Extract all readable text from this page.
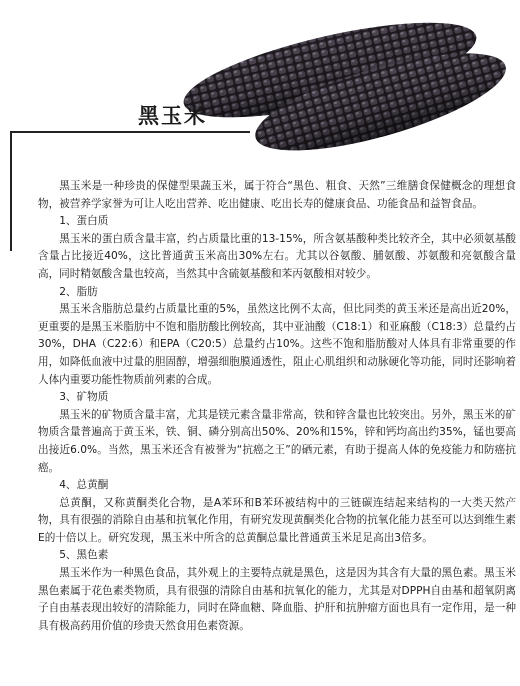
黑玉米

黑玉米是一种珍贵的保健型果蔬玉米，属于符合“黑色、粗食、天然”三维膳食保健概念的理想食物，被营养学家誉为可让人吃出营养、吃出健康、吃出长寿的健康食品、功能食品和益智食品。

1、蛋白质

黑玉米的蛋白质含量丰富，约占质量比重的13-15%，所含氨基酸种类比较齐全，其中必须氨基酸含量占比接近40%，这比普通黄玉米高出30%左右。尤其以谷氨酸、脯氨酸、苏氨酸和亮氨酸含量高，同时精氨酸含量也较高，当然其中含硫氨基酸和苯丙氨酸相对较少。

2、脂肪

黑玉米含脂肪总量约占质量比重的5%，虽然这比例不太高，但比同类的黄玉米还是高出近20%，更重要的是黑玉米脂肪中不饱和脂肪酸比例较高，其中亚油酸（C18:1）和亚麻酸（C18:3）总量约占30%，DHA（C22:6）和EPA（C20:5）总量约占10%。这些不饱和脂肪酸对人体具有非常重要的作用，如降低血液中过量的胆固醇，增强细胞膜通透性，阻止心肌组织和动脉硬化等功能，同时还影响着人体内重要功能性物质前列素的合成。

3、矿物质

黑玉米的矿物质含量丰富，尤其是镁元素含量非常高，铁和锌含量也比较突出。另外，黑玉米的矿物质含量普遍高于黄玉米，铁、铜、磷分别高出50%、20%和15%，锌和钙均高出约35%，锰也要高出接近6.0%。当然，黑玉米还含有被誉为“抗癌之王”的硒元素，有助于提高人体的免疫能力和防癌抗癌。

4、总黄酮

总黄酮，又称黄酮类化合物，是A苯环和B苯环被结构中的三链碳连结起来结构的一大类天然产物，具有很强的消除自由基和抗氧化作用，有研究发现黄酮类化合物的抗氧化能力甚至可以达到维生素E的十倍以上。研究发现，黑玉米中所含的总黄酮总量比普通黄玉米足足高出3倍多。

5、黑色素

黑玉米作为一种黑色食品，其外观上的主要特点就是黑色，这是因为其含有大量的黑色素。黑玉米黑色素属于花色素类物质，具有很强的清除自由基和抗氧化的能力，尤其是对DPPH自由基和超氧阴离子自由基表现出较好的清除能力，同时在降血糖、降血脂、护肝和抗肿瘤方面也具有一定作用，是一种具有极高药用价值的珍贵天然食用色素资源。
